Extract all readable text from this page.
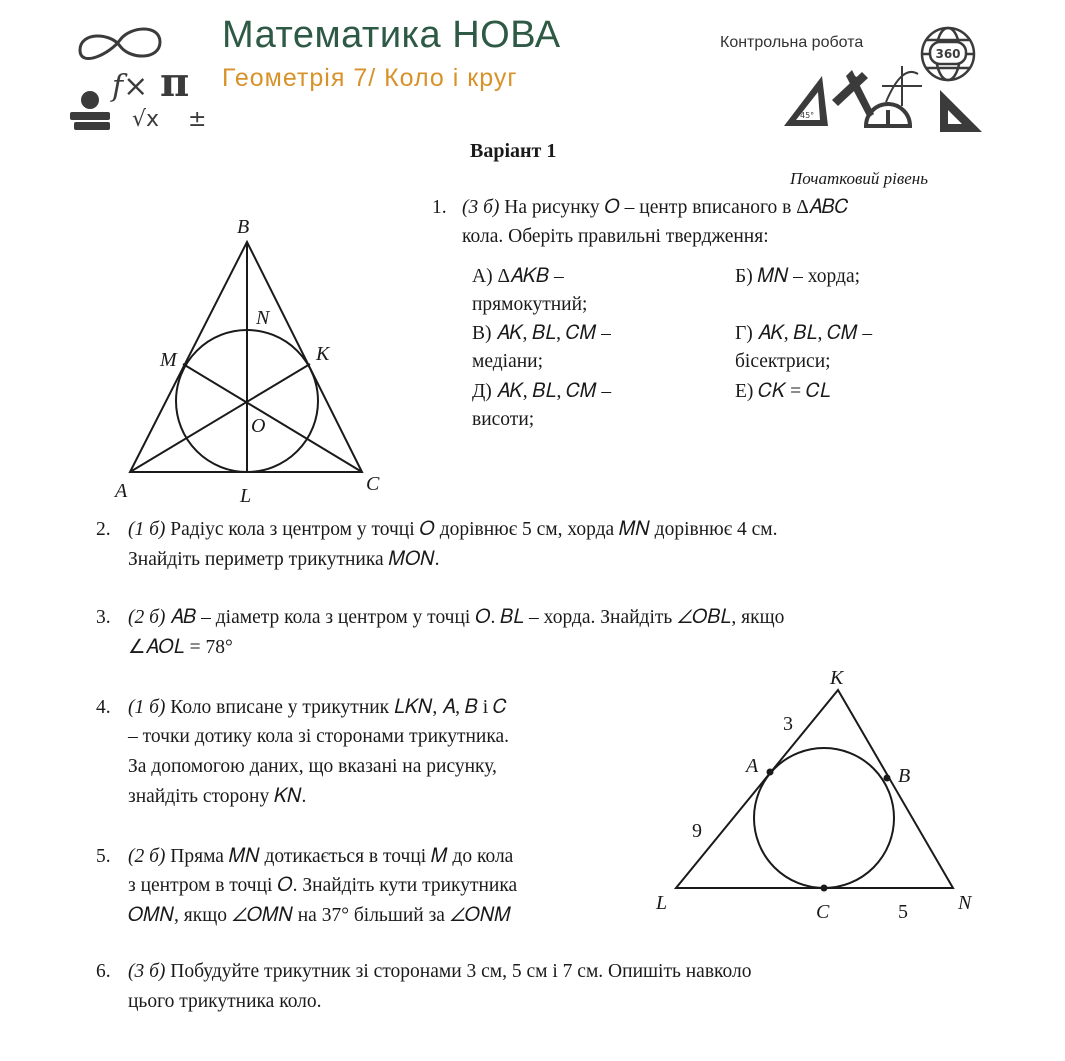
f× π
√x ±
Математика НОВА
Геометрія 7/ Коло і круг
Контрольна робота
360
45°
Варіант 1
Початковий рівень
1. (3 б) На рисунку 𝑂 – центр вписаного в Δ𝐴𝐵𝐶
кола. Оберіть правильні твердження:
А) Δ𝐴𝐾𝐵 –
прямокутний;
Б) 𝑀𝑁 – хорда;
В) 𝐴𝐾, 𝐵𝐿, 𝐶𝑀 –
медіани;
Г) 𝐴𝐾, 𝐵𝐿, 𝐶𝑀 –
бісектриси;
Д) 𝐴𝐾, 𝐵𝐿, 𝐶𝑀 –
висоти;
Е) 𝐶𝐾 = 𝐶𝐿
B
N
M	K
O
A	L
C
2. (1 б) Радіус кола з центром у точці 𝑂 дорівнює 5 см, хорда 𝑀𝑁 дорівнює 4 см.
Знайдіть периметр трикутника 𝑀𝑂𝑁.
3. (2 б) 𝐴𝐵 – діаметр кола з центром у точці 𝑂. 𝐵𝐿 – хорда. Знайдіть ∠𝑂𝐵𝐿, якщо
∠𝐴𝑂𝐿 = 78°
4. (1 б) Коло вписане у трикутник 𝐿𝐾𝑁, 𝐴, 𝐵 і 𝐶
– точки дотику кола зі сторонами трикутника.
За допомогою даних, що вказані на рисунку,
знайдіть сторону 𝐾𝑁.
5. (2 б) Пряма 𝑀𝑁 дотикається в точці 𝑀 до кола
з центром в точці 𝑂. Знайдіть кути трикутника
𝑂𝑀𝑁, якщо ∠𝑂𝑀𝑁 на 37° більший за ∠𝑂𝑁𝑀
K
A	B
L	C	N
3
9
5
6. (3 б) Побудуйте трикутник зі сторонами 3 см, 5 см і 7 см. Опишіть навколо
цього трикутника коло.
